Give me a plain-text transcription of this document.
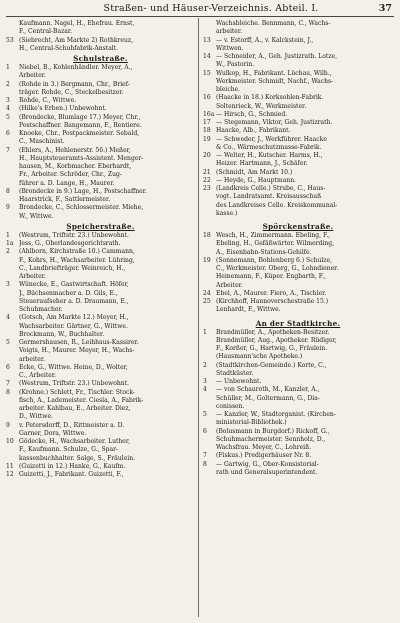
Straßen- und Häuser-Verzeichnis. Abteil. I.	37
Kaufmann. Nagel, H., Ehefrau. Ernst,
F., Central-Bazar.
53 (Siebrecht, Am Markte 2) Rothkreuz,
H., Central-Schuhfabrik-Anstalt.
Schulstraße.
1	Niebel, B., Kohlenhändler. Meyer, A.,
Arbeiter.
2	(Rohde in 3.) Bergmann, Chr., Brief-
träger. Rohde, C., Steckelbesitzer.
3	Rohde, C., Wittwe.
4	(Hilke's Erben.) Unbewohnt.
5	(Brondecke, Blumlage 17.) Meyer, Chr.,
Postschaffner. Bangemann, F., Rentiere.
6	Knoeke, Chr., Postpackmeister. Sebald,
C., Maschinist.
7	(Ehlers, A., Hehlenerstr. 56.) Meßer,
H., Hauptsteueramts-Assistent. Menger-
hausen, M., Korbmacher. Eberhardt,
Fr., Arbeiter. Schröder, Chr., Zug-
führer a. D. Lange, H., Maurer.
8	(Brondecke in 9.) Lage, H., Postschaffner.
Haarstrick, F., Sattlermeister.
9	Brondecke, C., Schlossermeister. Miehe,
W., Wittwe.
Speicherstraße.
1	(Westrum, Triftstr. 23.) Unbewohnt.
1a Jess, G., Oberlandesgerichtsrath.
2	(Ahlborn, Kirchstraße 10.) Cammann,
F., Kohrs, H., Wachsarbeiter. Lühring,
C., Landbriefträger. Weinreich, H.,
Arbeiter.
3	Wünecke, E., Gastwirtschaft. Höfer,
J., Büchsenmacher a. D. Gils, E.,
Steueraufseher a. D. Draumann, E.,
Schuhmacher.
4	(Gotsch, Am Markte 12.) Meyer, H.,
Wachsarbeiter. Gärtner, G., Wittwe.
Brockmann, W., Buchhalter.
5	Germershausen, R., Leihhaus-Kassirer.
Voigts, H., Maurer. Meyer, H., Wachs-
arbeiter.
6	Ecke, G., Wittwe. Heine, D., Wolter,
C., Arbeiter.
7	(Westrum, Triftstr. 23.) Unbewohnt.
8	(Krohne.) Schlett, Fr., Tischler. Stock-
fisch, A., Lademeister. Ciesla, A., Fabrik-
arbeiter. Kahlbau, E., Arbeiter. Diez,
D., Wittwe.
9	v. Petersdorff, D., Rittmeister a. D.
Garner, Dora, Wittwe.
10 Gödecke, H., Wachsarbeiter. Luther,
F., Kaufmann. Schulze, G., Spar-
kassenbuchhalter. Salge, S., Fräulein.
11 (Guizetti in 12.) Hanke, G., Kaufm.
12 Guizetti, J., Fabrikant. Guizetti, F.,
Wachsbleiche. Bennmann, C., Wachs-
arbeiter.
13 — v. Estorff, A., v. Kalckstein, J.,
Wittwen.
14 — Schneider, A., Geh. Justizrath. Lotze,
W., Pastorin.
15 Wulkop, H., Fabrikant. Lüchau, Wilh.,
Werkmeister. Schmidt, Nachf., Wachs-
bleiche.
16 (Haacke in 18.) Korksohlen-Fabrik.
Soltenrieck, W., Werkmeister.
16a — Hirsch, G., Schmied.
17 — Stegemann, Viktor, Geh. Justizrath.
18 Haacke, Alb., Fabrikant.
19 — Schweder, J., Werkführer. Haacke
& Co., Wärmeschutzmasse-Fabrik.
20 — Welter, H., Kutscher. Harms, H.,
Heizer. Hartmann, J., Schäfer.
21 (Schmidt, Am Markt 10.)
22 — Heyde, G., Hauptmann.
23 (Landkreis Celle.) Strube, C., Haus-
vogt. Landratsamt. Kreisausschuß
des Landkreises Celle. Kreiskommunal-
kasse.)
Spörckenstraße.
18 Wesch, H., Zimmermann. Ebeling, F.,
Ebeling, H., Gefäßwärter. Wilmerding,
A., Eisenbahn-Stations-Gehilfe.
19 (Sonnemann, Bohlenberg 6.) Schulze,
C., Werkmeister. Oberg, G., Lohndiener.
Heinemann, F., Küper. Engbarth, F.,
Arbeiter.
24 Ebel, A., Maurer. Fiero, A., Tischler.
25 (Kirchhoff, Hannoverschestraße 15.)
Lenhardt, F., Wittwe.
An der Stadtkirche.
1	Brandmüller, A., Apotheken-Besitzer.
Brandmüller, Aug., Apotheker. Rüdiger,
F., Korßer, G., Hartwig, G., Fräulein.
(Hausmann'sche Apotheke.)
2	(Stadtkirchen-Gemeinde.) Korte, C.,
Stadtküster.
3	— Unbewohnt.
4	— von Schauroth, M., Kanzler, A.,
Schüller, M., Goltermann, G., Dia-
conissen.
5	— Kanzler, W., Stadtorganist. (Kirchen-
ministerial-Bibliothek.)
6	(Bolusmann in Burgdorf.) Rickoff, G.,
Schuhmachermeister. Sennholz, D.,
Wachsfrau. Meyer, C., Lohreiß.
7	(Fiskus.) Predigerhäuser Nr. 8.
8	— Gartwig, G., Ober-Konsistorial-
rath und Generalsuperintendent.
